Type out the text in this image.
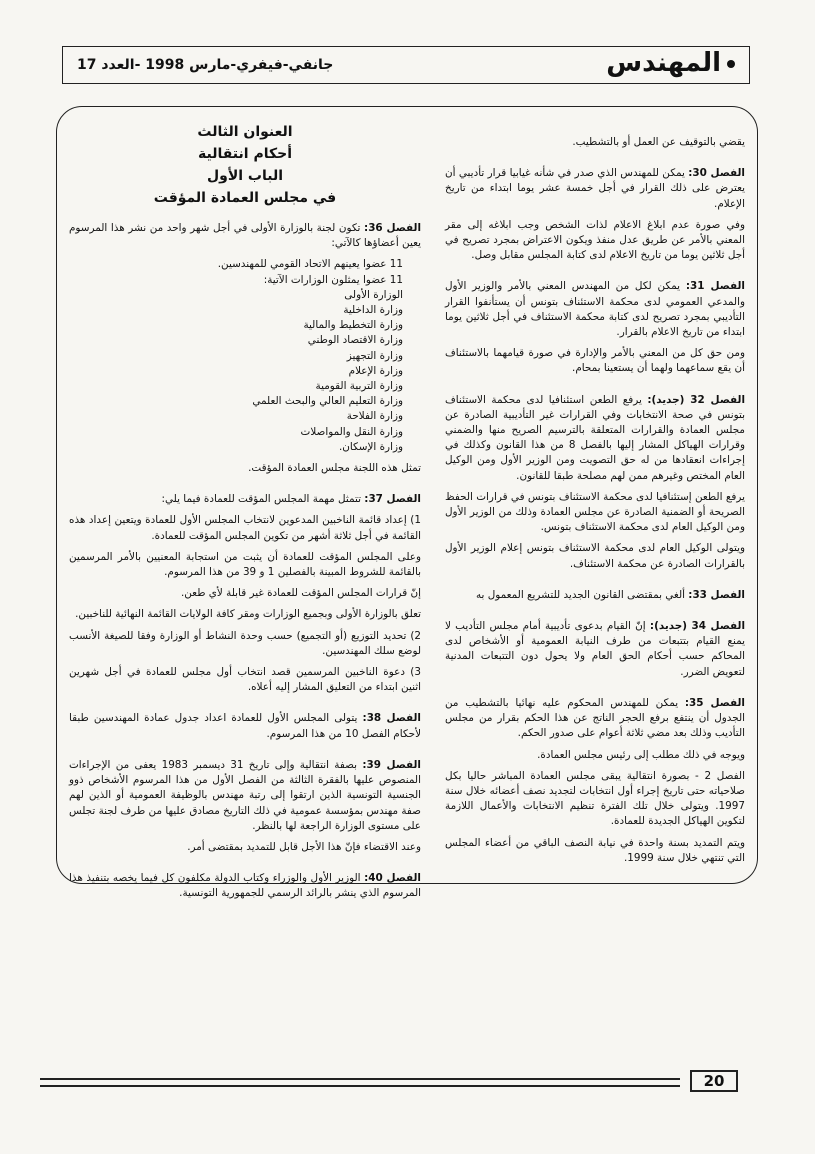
جانفي-فيفري-مارس 1998 -العدد 17	المهندس

يقضي بالتوقيف عن العمل أو بالتشطيب.

الفصل 30: يمكن للمهندس الذي صدر في شأنه غيابيا قرار تأديبي أن يعترض على ذلك القرار في أجل خمسة عشر يوما ابتداء من تاريخ الإعلام.

وفي صورة عدم ابلاغ الاعلام لذات الشخص وجب ابلاغه إلى مقر المعني بالأمر عن طريق عدل منفذ ويكون الاعتراض بمجرد تصريح في أجل ثلاثين يوما من تاريخ الاعلام لدى كتابة المجلس مقابل وصل.

الفصل 31: يمكن لكل من المهندس المعني بالأمر والوزير الأول والمدعي العمومي لدى محكمة الاستئناف بتونس أن يستأنفوا القرار التأديبي بمجرد تصريح لدى كتابة محكمة الاستئناف في أجل ثلاثين يوما ابتداء من تاريخ الاعلام بالقرار.

ومن حق كل من المعني بالأمر والإدارة في صورة قيامهما بالاستئناف أن يقع سماعهما ولهما أن يستعينا بمحام.

الفصل 32 (جديد): يرفع الطعن استئنافيا لدى محكمة الاستئناف بتونس في صحة الانتخابات وفي القرارات غير التأديبية الصادرة عن مجلس العمادة والقرارات المتعلقة بالترسيم الصريح منها والضمني وقرارات الهياكل المشار إليها بالفصل 8 من هذا القانون وكذلك في إجراءات انعقادها من له حق التصويت ومن الوزير الأول ومن الوكيل العام المختص وغيرهم ممن لهم مصلحة طبقا للقانون.

يرفع الطعن إستئنافيا لدى محكمة الاستئناف بتونس في قرارات الحفظ الصريحة أو الضمنية الصادرة عن مجلس العمادة وذلك من الوزير الأول ومن الوكيل العام لدى محكمة الاستئناف بتونس.

ويتولى الوكيل العام لدى محكمة الاستئناف بتونس إعلام الوزير الأول بالقرارات الصادرة عن محكمة الاستئناف.

الفصل 33: ألغي بمقتضى القانون الجديد للتشريع المعمول به

الفصل 34 (جديد): إنّ القيام بدعوى تأديبية أمام مجلس التأديب لا يمنع القيام بتتبعات من طرف النيابة العمومية أو الأشخاص لدى المحاكم حسب أحكام الحق العام ولا يحول دون التتبعات المدنية لتعويض الضرر.

الفصل 35: يمكن للمهندس المحكوم عليه نهائيا بالتشطيب من الجدول أن ينتفع برفع الحجر الناتج عن هذا الحكم بقرار من مجلس التأديب وذلك بعد مضي ثلاثة أعوام على صدور الحكم.

ويوجه في ذلك مطلب إلى رئيس مجلس العمادة.

الفصل 2 - بصورة انتقالية يبقى مجلس العمادة المباشر حاليا بكل صلاحياته حتى تاريخ إجراء أول انتخابات لتجديد نصف أعضائه خلال سنة 1997. ويتولى خلال تلك الفترة تنظيم الانتخابات والأعمال اللازمة لتكوين الهياكل الجديدة للعمادة.

ويتم التمديد بسنة واحدة في نيابة النصف الباقي من أعضاء المجلس التي تنتهي خلال سنة 1999.

العنوان الثالث
أحكام انتقالية
الباب الأول
في مجلس العمادة المؤقت

الفصل 36: تكون لجنة بالوزارة الأولى في أجل شهر واحد من نشر هذا المرسوم يعين أعضاؤها كالآتي:

11 عضوا يعينهم الاتحاد القومي للمهندسين.
11 عضوا يمثلون الوزارات الآتية:
الوزارة الأولى
وزارة الداخلية
وزارة التخطيط والمالية
وزارة الاقتصاد الوطني
وزارة التجهيز
وزارة الإعلام
وزارة التربية القومية
وزارة التعليم العالي والبحث العلمي
وزارة الفلاحة
وزارة النقل والمواصلات
وزارة الإسكان.

تمثل هذه اللجنة مجلس العمادة المؤقت.

الفصل 37: تتمثل مهمة المجلس المؤقت للعمادة فيما يلي:

1) إعداد قائمة الناخبين المدعوين لانتخاب المجلس الأول للعمادة ويتعين إعداد هذه القائمة في أجل ثلاثة أشهر من تكوين المجلس المؤقت للعمادة.

وعلى المجلس المؤقت للعمادة أن يثبت من استجابة المعنيين بالأمر المرسمين بالقائمة للشروط المبينة بالفصلين 1 و 39 من هذا المرسوم.

إنّ قرارات المجلس المؤقت للعمادة غير قابلة لأي طعن.

تعلق بالوزارة الأولى وبجميع الوزارات ومقر كافة الولايات القائمة النهائية للناخبين.

2) تحديد التوزيع (أو التجميع) حسب وحدة النشاط أو الوزارة وفقا للصيغة الأنسب لوضع سلك المهندسين.

3) دعوة الناخبين المرسمين قصد انتخاب أول مجلس للعمادة في أجل شهرين اثنين ابتداء من التعليق المشار إليه أعلاه.

الفصل 38: يتولى المجلس الأول للعمادة اعداد جدول عمادة المهندسين طبقا لأحكام الفصل 10 من هذا المرسوم.

الفصل 39: بصفة انتقالية وإلى تاريخ 31 ديسمبر 1983 يعفى من الإجراءات المنصوص عليها بالفقرة الثالثة من الفصل الأول من هذا المرسوم الأشخاص ذوو الجنسية التونسية الذين ارتقوا إلى رتبة مهندس بالوظيفة العمومية أو الذين لهم صفة مهندس بمؤسسة عمومية في ذلك التاريخ مصادق عليها من طرف لجنة تجلس على مستوى الوزارة الراجعة لها بالنظر.

وعند الاقتضاء فإنّ هذا الأجل قابل للتمديد بمقتضى أمر.

الفصل 40: الوزير الأول والوزراء وكتاب الدولة مكلفون كل فيما يخصه بتنفيذ هذا المرسوم الذي ينشر بالرائد الرسمي للجمهورية التونسية.

20
